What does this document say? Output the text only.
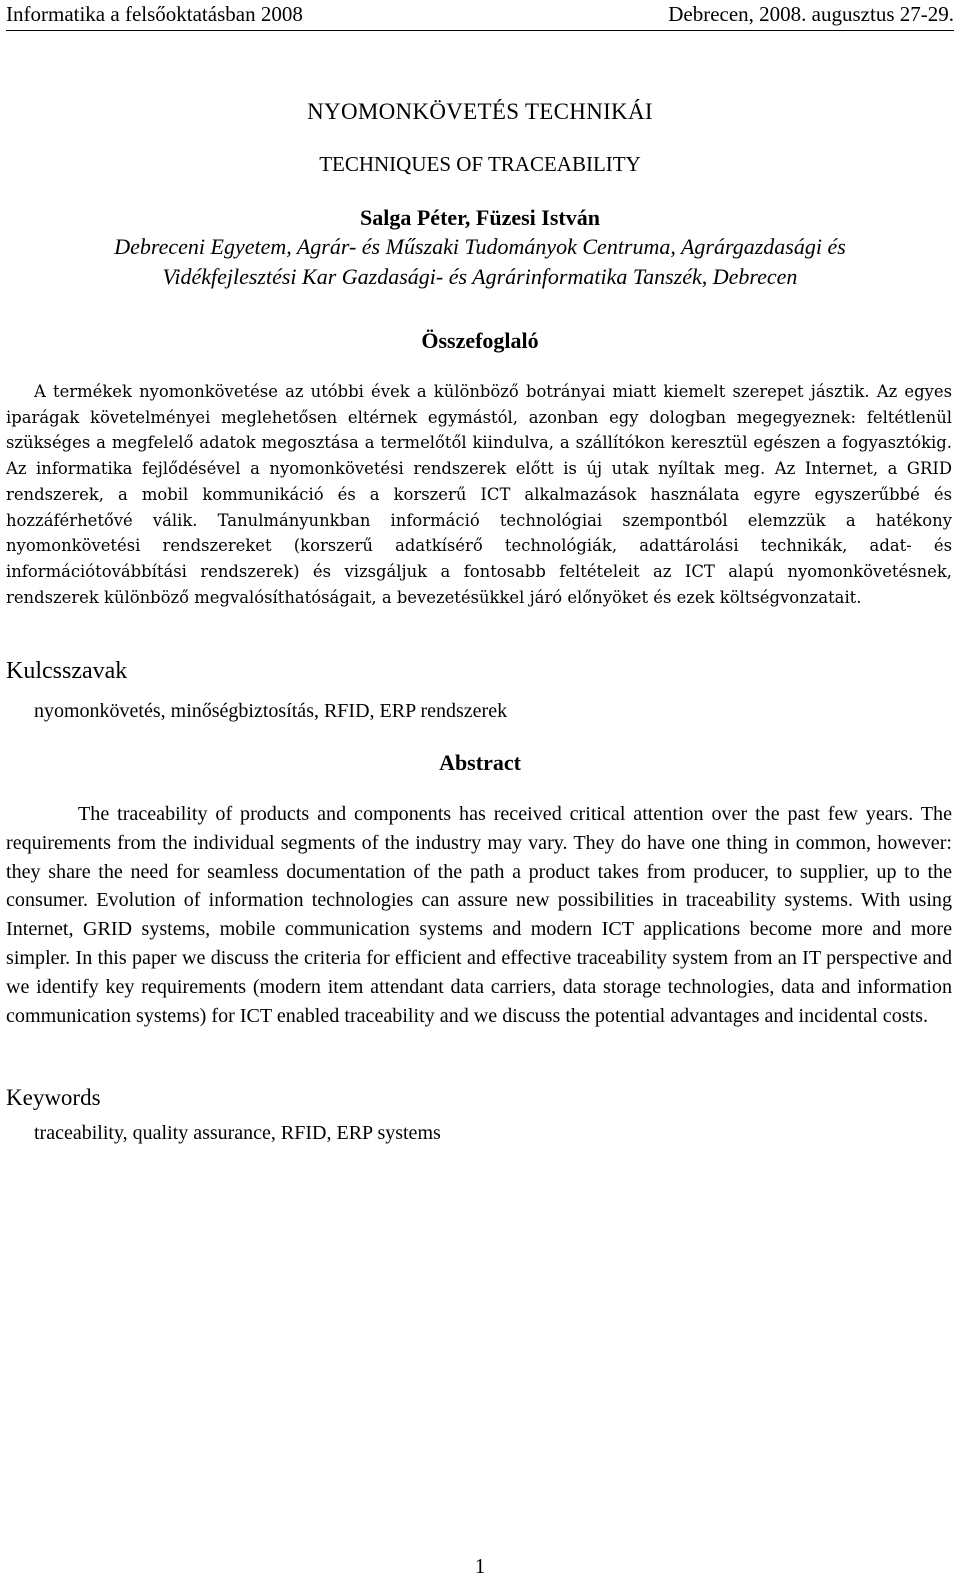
Informatika a felsőoktatásban 2008	Debrecen, 2008. augusztus 27-29.
NYOMONKÖVETÉS TECHNIKÁI
TECHNIQUES OF TRACEABILITY
Salga Péter, Füzesi István
Debreceni Egyetem, Agrár- és Műszaki Tudományok Centruma, Agrárgazdasági és
Vidékfejlesztési Kar Gazdasági- és Agrárinformatika Tanszék, Debrecen
Összefoglaló

A termékek nyomonkövetése az utóbbi évek a különböző botrányai miatt kiemelt szerepet jásztik. Az egyes iparágak követelményei meglehetősen eltérnek egymástól, azonban egy dologban megegyeznek: feltétlenül szükséges a megfelelő adatok megosztása a termelőtől kiindulva, a szállítókon keresztül egészen a fogyasztókig. Az informatika fejlődésével a nyomonkövetési rendszerek előtt is új utak nyíltak meg. Az Internet, a GRID rendszerek, a mobil kommunikáció és a korszerű ICT alkalmazások használata egyre egyszerűbbé és hozzáférhetővé válik. Tanulmányunkban információ technológiai szempontból elemzzük a hatékony nyomonkövetési rendszereket (korszerű adatkísérő technológiák, adattárolási technikák, adat- és információtovábbítási rendszerek) és vizsgáljuk a fontosabb feltételeit az ICT alapú nyomonkövetésnek, rendszerek különböző megvalósíthatóságait, a bevezetésükkel járó előnyöket és ezek költségvonzatait.

Kulcsszavak
nyomonkövetés, minőségbiztosítás, RFID, ERP rendszerek
Abstract

The traceability of products and components has received critical attention over the past few years. The requirements from the individual segments of the industry may vary. They do have one thing in common, however: they share the need for seamless documentation of the path a product takes from producer, to supplier, up to the consumer. Evolution of information technologies can assure new possibilities in traceability systems. With using Internet, GRID systems, mobile communication systems and modern ICT applications become more and more simpler. In this paper we discuss the criteria for efficient and effective traceability system from an IT perspective and we identify key requirements (modern item attendant data carriers, data storage technologies, data and information communication systems) for ICT enabled traceability and we discuss the potential advantages and incidental costs.

Keywords
traceability, quality assurance, RFID, ERP systems
1
